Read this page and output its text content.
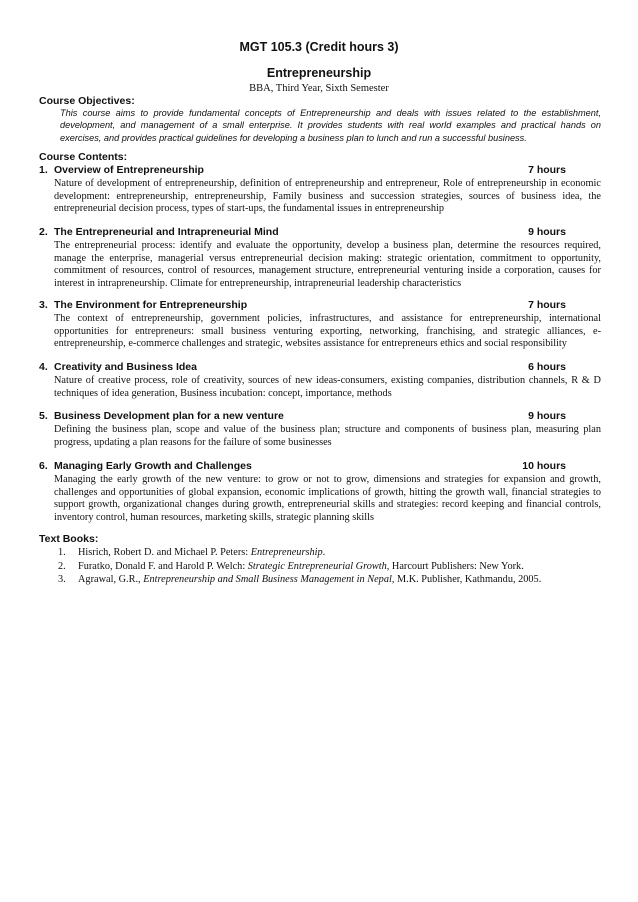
MGT 105.3 (Credit hours 3)
Entrepreneurship
BBA, Third Year, Sixth Semester
Course Objectives:
This course aims to provide fundamental concepts of Entrepreneurship and deals with issues related to the establishment, development, and management of a small enterprise. It provides students with real world examples and practical hands on exercises, and provides practical guidelines for developing a business plan to lunch and run a successful business.
Course Contents:
1. Overview of Entrepreneurship	7 hours
Nature of development of entrepreneurship, definition of entrepreneurship and entrepreneur, Role of entrepreneurship in economic development: entrepreneurship, entrepreneurship, Family business and succession strategies, sources of business idea, the entrepreneurial decision process, types of start-ups, the fundamental issues in entrepreneurship
2. The Entrepreneurial and Intrapreneurial Mind	9 hours
The entrepreneurial process: identify and evaluate the opportunity, develop a business plan, determine the resources required, manage the enterprise, managerial versus entrepreneurial decision making: strategic orientation, commitment to opportunity, commitment of resources, control of resources, management structure, entrepreneurial venturing inside a corporation, causes for interest in intrapreneurship. Climate for entrepreneurship, intrapreneurial leadership characteristics
3. The Environment for Entrepreneurship	7 hours
The context of entrepreneurship, government policies, infrastructures, and assistance for entrepreneurship, international opportunities for entrepreneurs: small business venturing exporting, networking, franchising, and strategic alliances, e-entrepreneurship, e-commerce challenges and strategic, websites assistance for entrepreneurs ethics and social responsibility
4. Creativity and Business Idea	6 hours
Nature of creative process, role of creativity, sources of new ideas-consumers, existing companies, distribution channels, R & D techniques of idea generation, Business incubation: concept, importance, methods
5. Business Development plan for a new venture	9 hours
Defining the business plan, scope and value of the business plan; structure and components of business plan, measuring plan progress, updating a plan reasons for the failure of some businesses
6. Managing Early Growth and Challenges	10 hours
Managing the early growth of the new venture: to grow or not to grow, dimensions and strategies for expansion and growth, challenges and opportunities of global expansion, economic implications of growth, hitting the growth wall, financial strategies to support growth, organizational changes during growth, entrepreneurial skills and strategies: record keeping and financial controls, inventory control, human resources, marketing skills, strategic planning skills
Text Books:
1. Hisrich, Robert D. and Michael P. Peters: Entrepreneurship.
2. Furatko, Donald F. and Harold P. Welch: Strategic Entrepreneurial Growth, Harcourt Publishers: New York.
3. Agrawal, G.R., Entrepreneurship and Small Business Management in Nepal, M.K. Publisher, Kathmandu, 2005.
